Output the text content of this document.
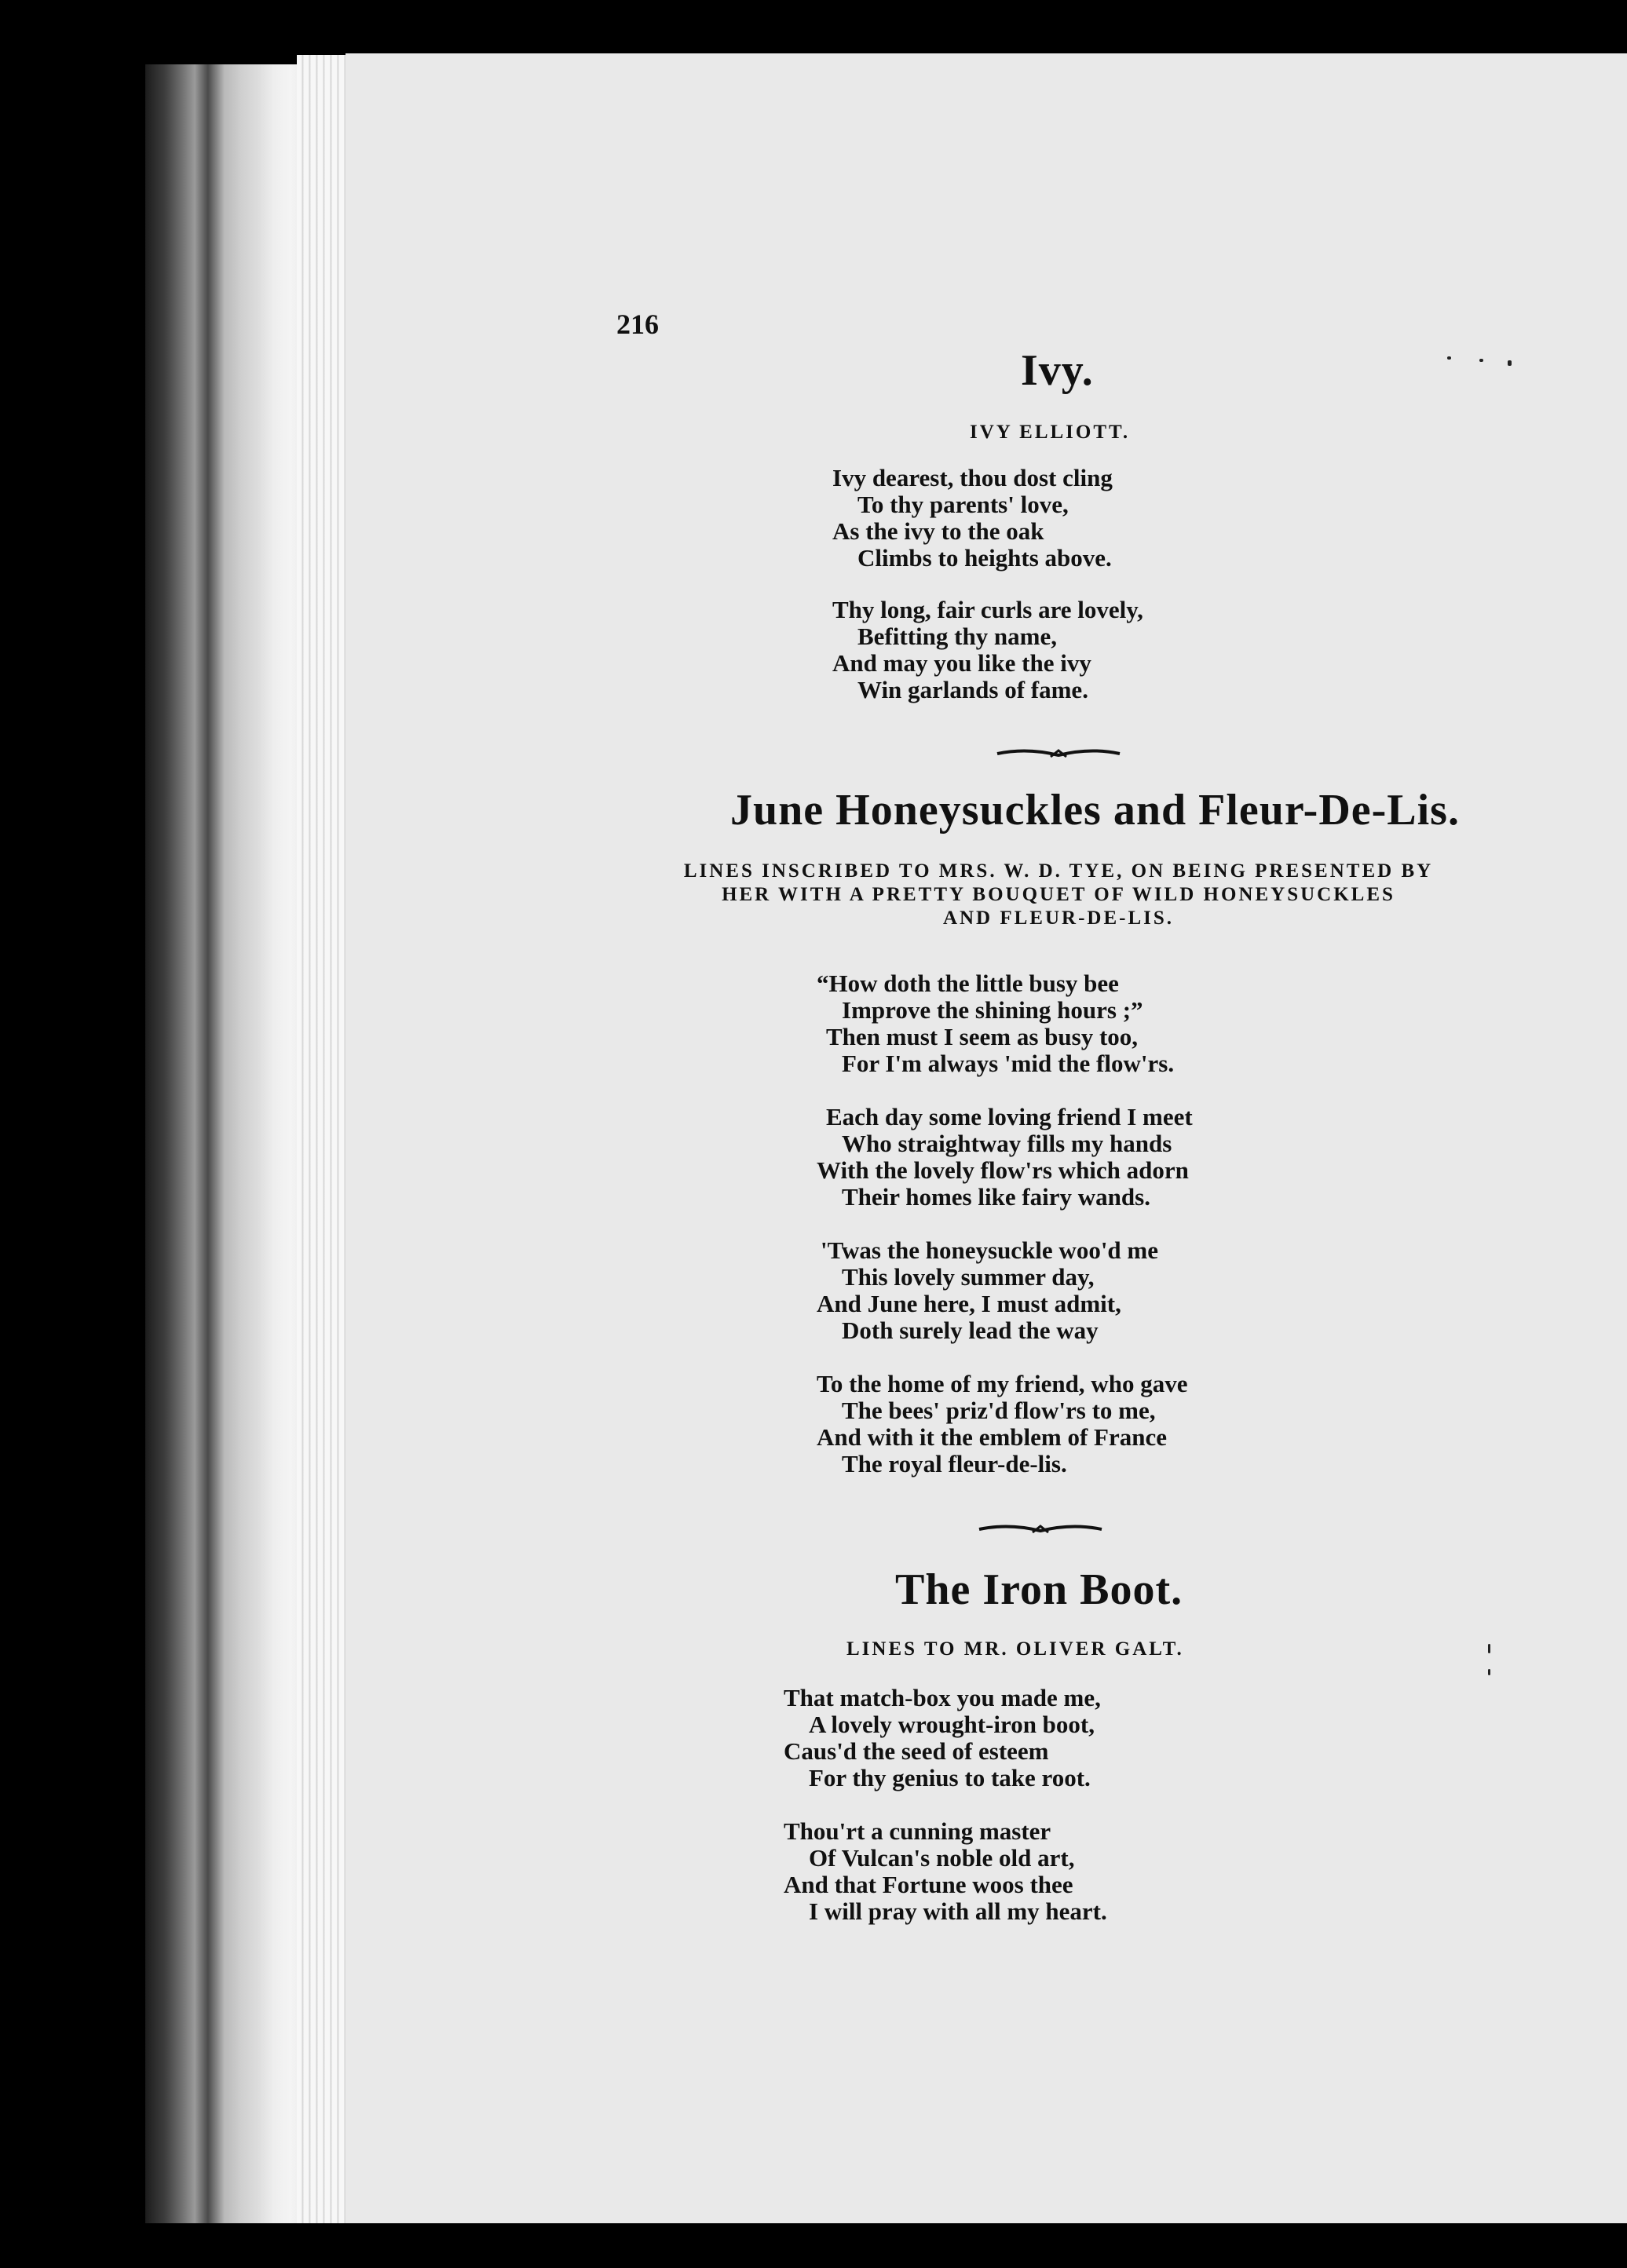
216
Ivy.
IVY ELLIOTT.
Ivy dearest, thou dost cling
To thy parents' love,
As the ivy to the oak
Climbs to heights above.
Thy long, fair curls are lovely,
Befitting thy name,
And may you like the ivy
Win garlands of fame.
June Honeysuckles and Fleur-De-Lis.
LINES INSCRIBED TO MRS. W. D. TYE, ON BEING PRESENTED BY
HER WITH A PRETTY BOUQUET OF WILD HONEYSUCKLES
AND FLEUR-DE-LIS.
“How doth the little busy bee
Improve the shining hours ;”
Then must I seem as busy too,
For I'm always 'mid the flow'rs.
Each day some loving friend I meet
Who straightway fills my hands
With the lovely flow'rs which adorn
Their homes like fairy wands.
'Twas the honeysuckle woo'd me
This lovely summer day,
And June here, I must admit,
Doth surely lead the way
To the home of my friend, who gave
The bees' priz'd flow'rs to me,
And with it the emblem of France
The royal fleur-de-lis.
The Iron Boot.
LINES TO MR. OLIVER GALT.
That match-box you made me,
A lovely wrought-iron boot,
Caus'd the seed of esteem
For thy genius to take root.
Thou'rt a cunning master
Of Vulcan's noble old art,
And that Fortune woos thee
I will pray with all my heart.
